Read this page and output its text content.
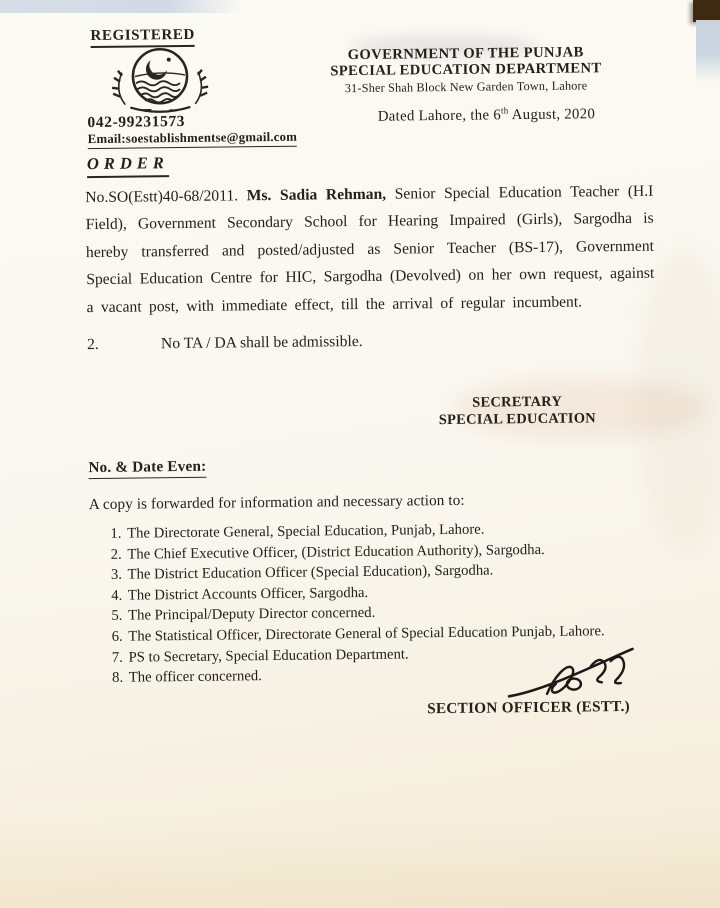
REGISTERED
042-99231573
Email:soestablishmentse@gmail.com
GOVERNMENT OF THE PUNJAB
SPECIAL EDUCATION DEPARTMENT
31-Sher Shah Block New Garden Town, Lahore
Dated Lahore, the 6th August, 2020
ORDER
No.SO(Estt)40-68/2011. Ms. Sadia Rehman, Senior Special Education Teacher (H.I Field), Government Secondary School for Hearing Impaired (Girls), Sargodha is hereby transferred and posted/adjusted as Senior Teacher (BS-17), Government Special Education Centre for HIC, Sargodha (Devolved) on her own request, against a vacant post, with immediate effect, till the arrival of regular incumbent.
2.	No TA / DA shall be admissible.
SECRETARY
SPECIAL EDUCATION
No. & Date Even:
A copy is forwarded for information and necessary action to:
1. The Directorate General, Special Education, Punjab, Lahore.
2. The Chief Executive Officer, (District Education Authority), Sargodha.
3. The District Education Officer (Special Education), Sargodha.
4. The District Accounts Officer, Sargodha.
5. The Principal/Deputy Director concerned.
6. The Statistical Officer, Directorate General of Special Education Punjab, Lahore.
7. PS to Secretary, Special Education Department.
8. The officer concerned.
SECTION OFFICER (ESTT.)
